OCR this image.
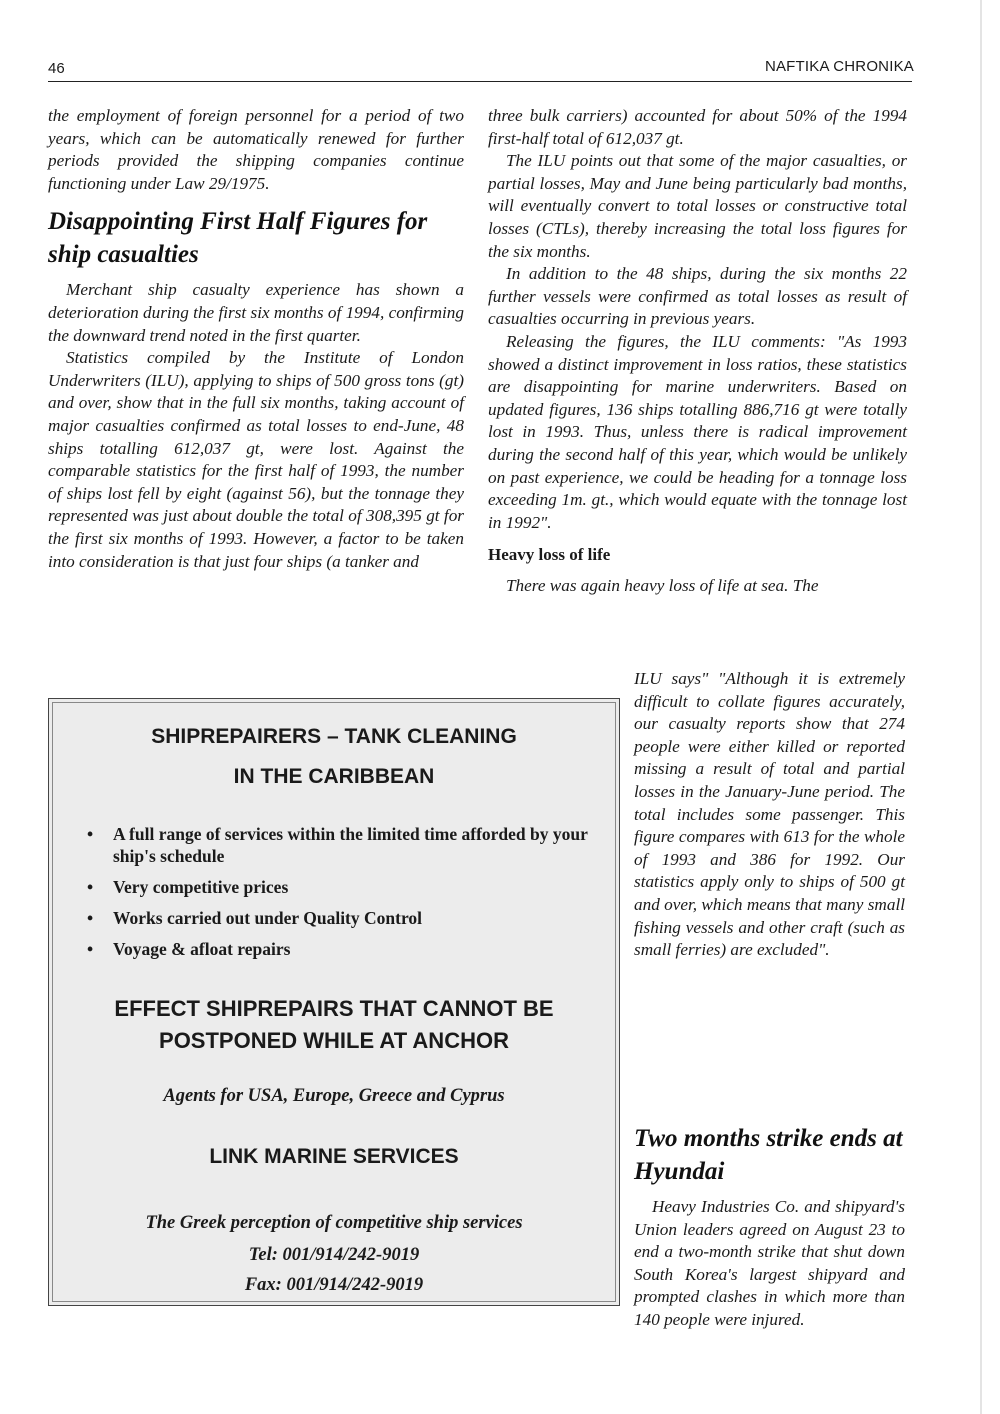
46	NAFTIKA CHRONIKA

the employment of foreign personnel for a period of two years, which can be automatically renewed for further periods provided the shipping companies continue functioning under Law 29/1975.

Disappointing First Half Figures for ship casualties

Merchant ship casualty experience has shown a deterioration during the first six months of 1994, confirming the downward trend noted in the first quarter.

Statistics compiled by the Institute of London Underwriters (ILU), applying to ships of 500 gross tons (gt) and over, show that in the full six months, taking account of major casualties confirmed as total losses to end-June, 48 ships totalling 612,037 gt, were lost. Against the comparable statistics for the first half of 1993, the number of ships lost fell by eight (against 56), but the tonnage they represented was just about double the total of 308,395 gt for the first six months of 1993. However, a factor to be taken into consideration is that just four ships (a tanker and

three bulk carriers) accounted for about 50% of the 1994 first-half total of 612,037 gt.

The ILU points out that some of the major casualties, or partial losses, May and June being particularly bad months, will eventually convert to total losses or constructive total losses (CTLs), thereby increasing the total loss figures for the six months.

In addition to the 48 ships, during the six months 22 further vessels were confirmed as total losses as result of casualties occurring in previous years.

Releasing the figures, the ILU comments: "As 1993 showed a distinct improvement in loss ratios, these statistics are disappointing for marine underwriters. Based on updated figures, 136 ships totalling 886,716 gt were totally lost in 1993. Thus, unless there is radical improvement during the second half of this year, which would be unlikely on past experience, we could be heading for a tonnage loss exceeding 1m. gt., which would equate with the tonnage lost in 1992".

Heavy loss of life

There was again heavy loss of life at sea. The

ILU says" "Although it is extremely difficult to collate figures accurately, our casualty reports show that 274 people were either killed or reported missing a result of total and partial losses in the January-June period. The total includes some passenger. This figure compares with 613 for the whole of 1993 and 386 for 1992. Our statistics apply only to ships of 500 gt and over, which means that many small fishing vessels and other craft (such as small ferries) are excluded".

Two months strike ends at Hyundai

Heavy Industries Co. and shipyard's Union leaders agreed on August 23 to end a two-month strike that shut down South Korea's largest shipyard and prompted clashes in which more than 140 people were injured.

SHIPREPAIRERS – TANK CLEANING
IN THE CARIBBEAN
• A full range of services within the limited time afforded by your ship's schedule
• Very competitive prices
• Works carried out under Quality Control
• Voyage & afloat repairs
EFFECT SHIPREPAIRS THAT CANNOT BE
POSTPONED WHILE AT ANCHOR
Agents for USA, Europe, Greece and Cyprus
LINK MARINE SERVICES
The Greek perception of competitive ship services
Tel: 001/914/242-9019
Fax: 001/914/242-9019
